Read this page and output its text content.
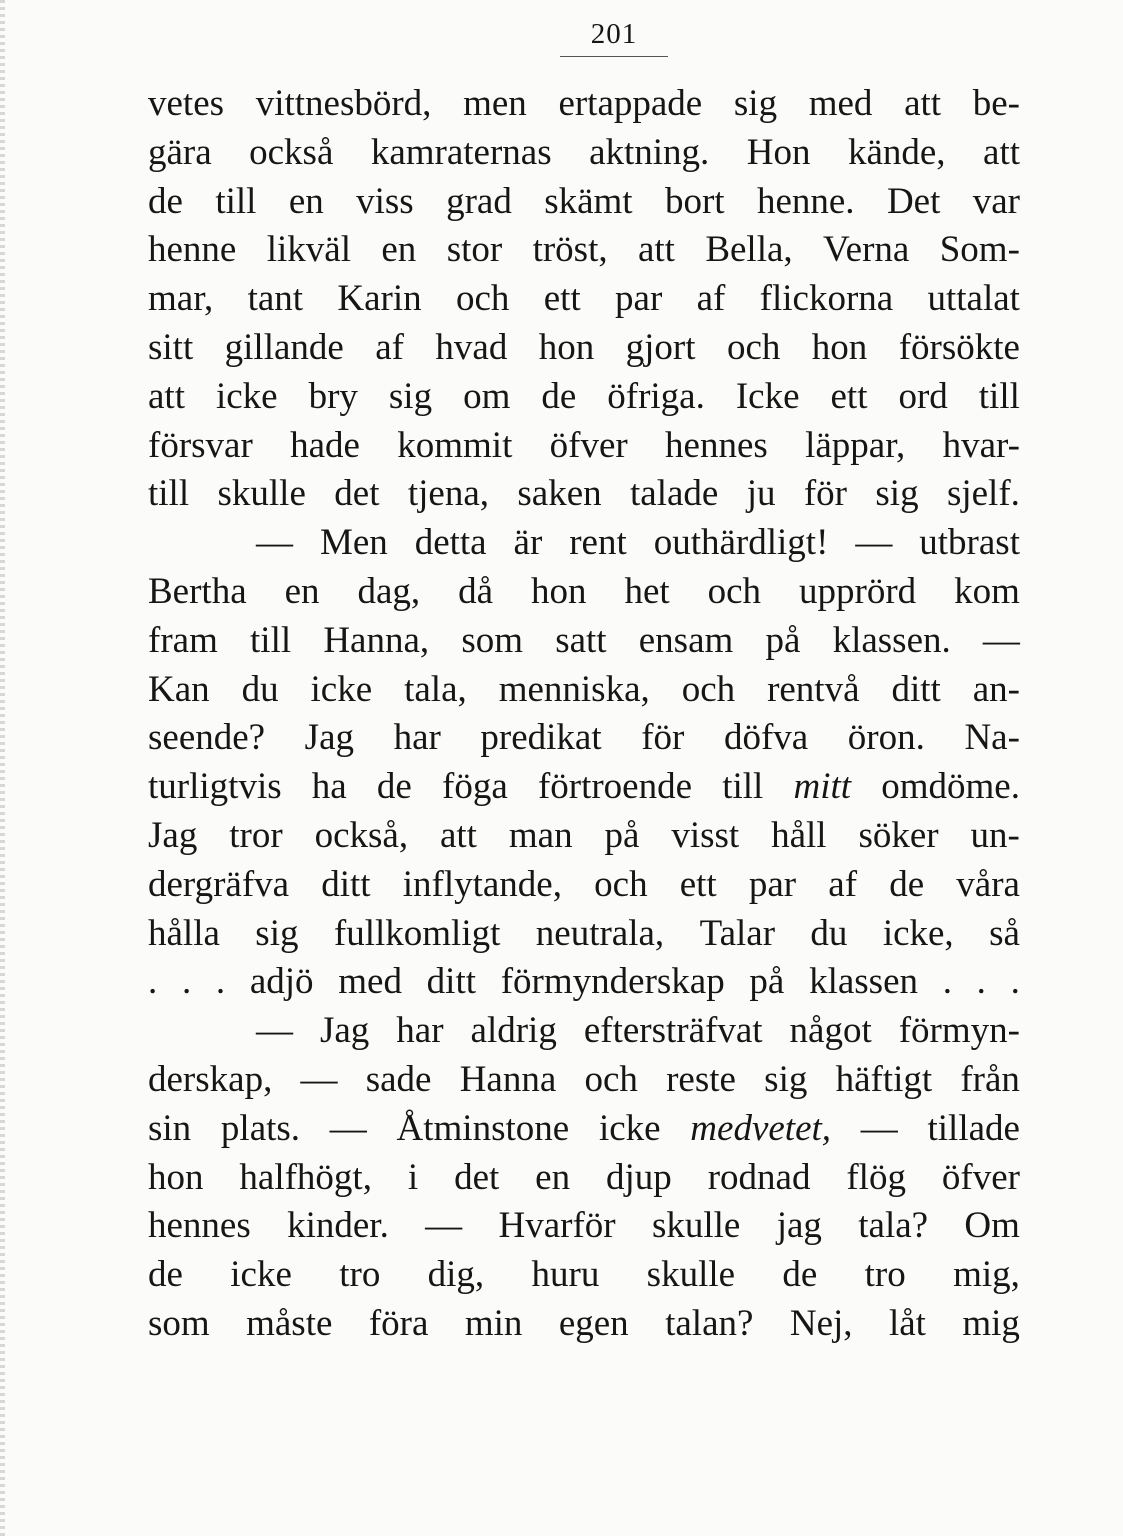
201
vetes vittnesbörd, men ertappade sig med att be-
gära också kamraternas aktning. Hon kände, att
de till en viss grad skämt bort henne. Det var
henne likväl en stor tröst, att Bella, Verna Som-
mar, tant Karin och ett par af flickorna uttalat
sitt gillande af hvad hon gjort och hon försökte
att icke bry sig om de öfriga. Icke ett ord till
försvar hade kommit öfver hennes läppar, hvar-
till skulle det tjena, saken talade ju för sig sjelf.
— Men detta är rent outhärdligt! — utbrast
Bertha en dag, då hon het och upprörd kom
fram till Hanna, som satt ensam på klassen. —
Kan du icke tala, menniska, och rentvå ditt an-
seende? Jag har predikat för döfva öron. Na-
turligtvis ha de föga förtroende till mitt omdöme.
Jag tror också, att man på visst håll söker un-
dergräfva ditt inflytande, och ett par af de våra
hålla sig fullkomligt neutrala, Talar du icke, så
. . . adjö med ditt förmynderskap på klassen . . .
— Jag har aldrig eftersträfvat något förmyn-
derskap, — sade Hanna och reste sig häftigt från
sin plats. — Åtminstone icke medvetet, — tillade
hon halfhögt, i det en djup rodnad flög öfver
hennes kinder. — Hvarför skulle jag tala? Om
de icke tro dig, huru skulle de tro mig,
som måste föra min egen talan? Nej, låt mig
